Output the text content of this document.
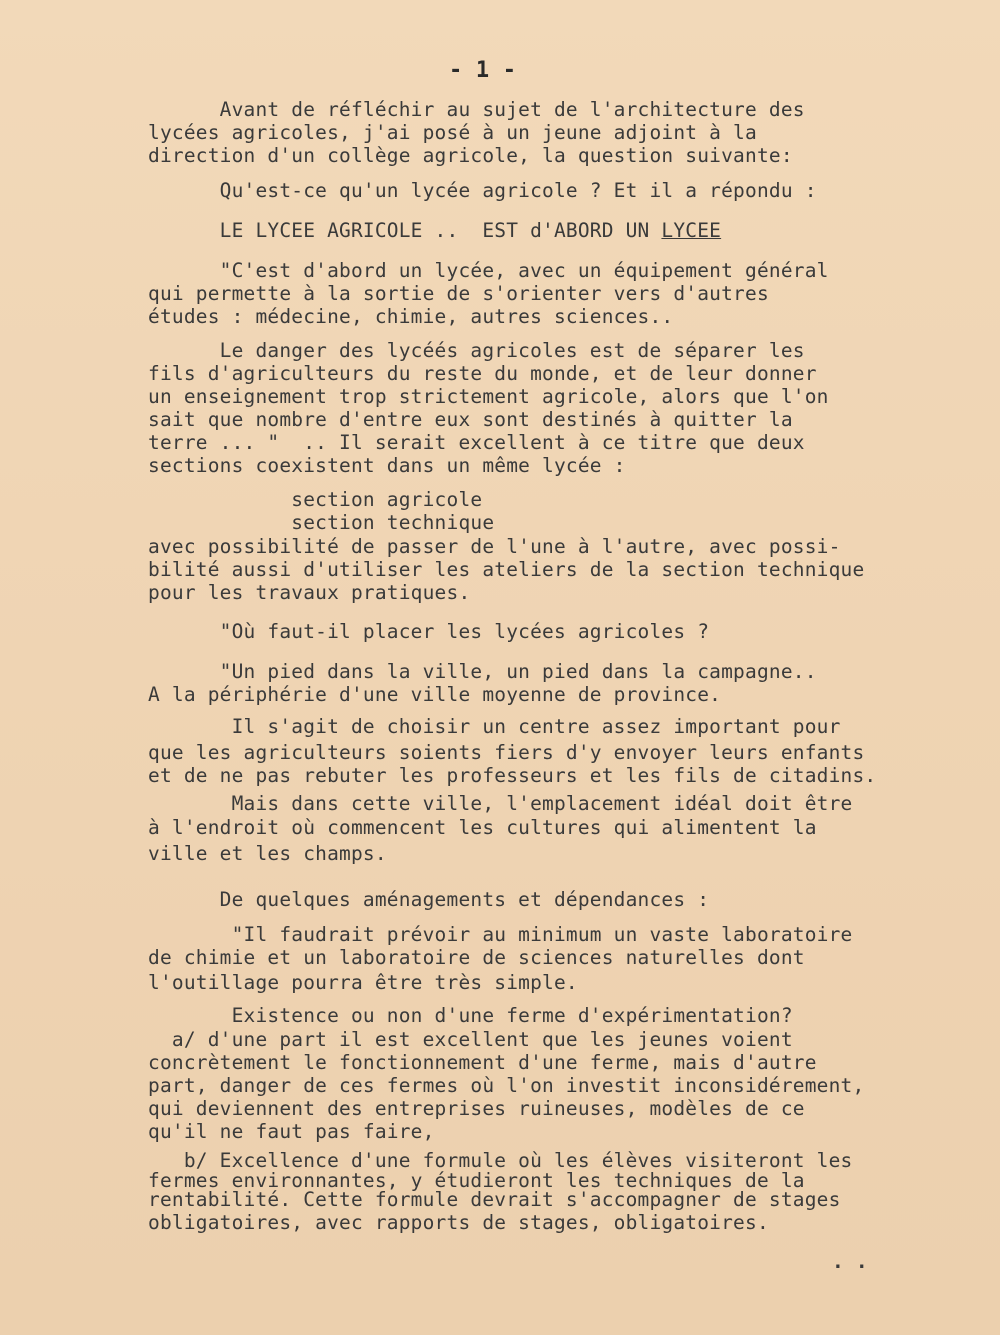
- 1 -
Avant de réfléchir au sujet de l'architecture des
lycées agricoles, j'ai posé à un jeune adjoint à la
direction d'un collège agricole, la question suivante:
Qu'est-ce qu'un lycée agricole ? Et il a répondu :
LE LYCEE AGRICOLE ..  EST d'ABORD UN LYCEE
"C'est d'abord un lycée, avec un équipement général
qui permette à la sortie de s'orienter vers d'autres
études : médecine, chimie, autres sciences..
Le danger des lycéés agricoles est de séparer les
fils d'agriculteurs du reste du monde, et de leur donner
un enseignement trop strictement agricole, alors que l'on
sait que nombre d'entre eux sont destinés à quitter la
terre ... "  .. Il serait excellent à ce titre que deux
sections coexistent dans un même lycée :
section agricole
section technique
avec possibilité de passer de l'une à l'autre, avec possi-
bilité aussi d'utiliser les ateliers de la section technique
pour les travaux pratiques.
"Où faut-il placer les lycées agricoles ?
"Un pied dans la ville, un pied dans la campagne..
A la périphérie d'une ville moyenne de province.
Il s'agit de choisir un centre assez important pour
que les agriculteurs soients fiers d'y envoyer leurs enfants
et de ne pas rebuter les professeurs et les fils de citadins.
Mais dans cette ville, l'emplacement idéal doit être
à l'endroit où commencent les cultures qui alimentent la
ville et les champs.
De quelques aménagements et dépendances :
"Il faudrait prévoir au minimum un vaste laboratoire
de chimie et un laboratoire de sciences naturelles dont
l'outillage pourra être très simple.
Existence ou non d'une ferme d'expérimentation?
a/ d'une part il est excellent que les jeunes voient
concrètement le fonctionnement d'une ferme, mais d'autre
part, danger de ces fermes où l'on investit inconsidérement,
qui deviennent des entreprises ruineuses, modèles de ce
qu'il ne faut pas faire,
b/ Excellence d'une formule où les élèves visiteront les
fermes environnantes, y étudieront les techniques de la
rentabilité. Cette formule devrait s'accompagner de stages
obligatoires, avec rapports de stages, obligatoires.
. .
